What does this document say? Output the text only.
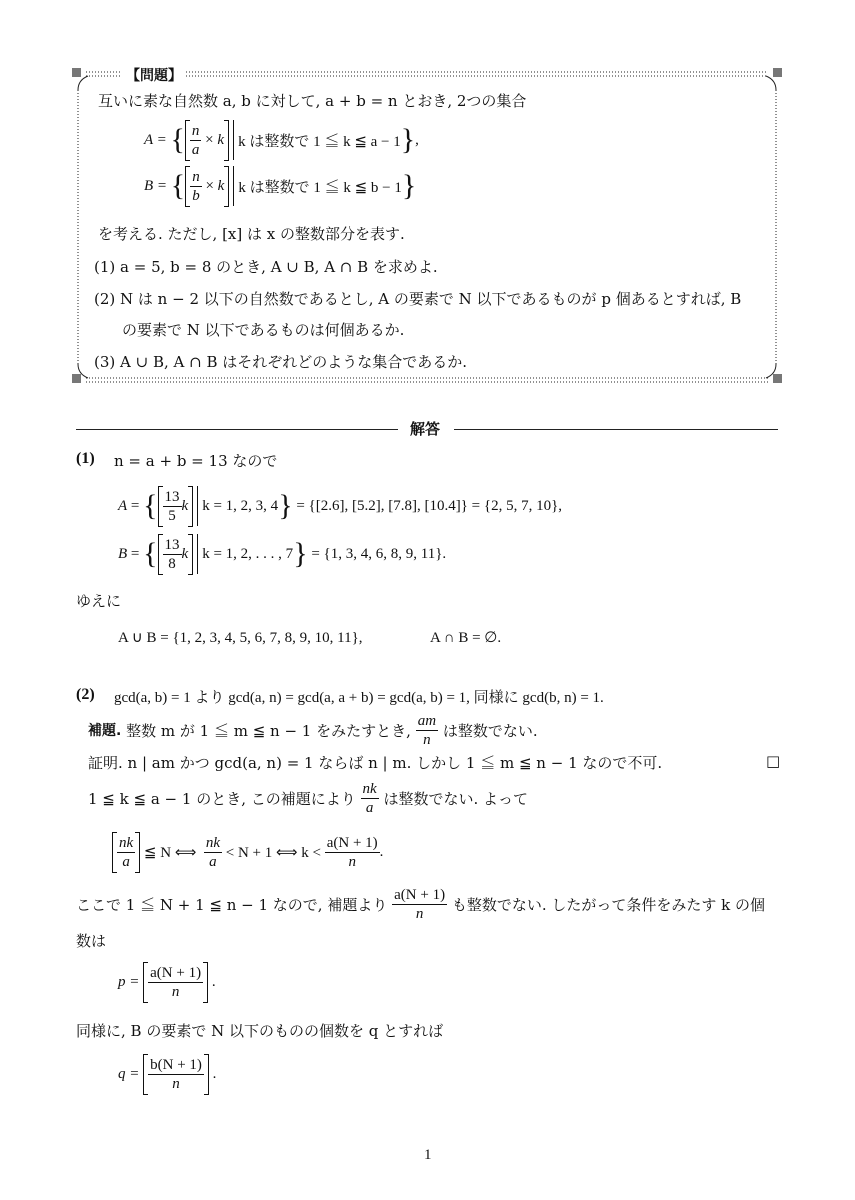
【問題】
互いに素な自然数 a, b に対して, a + b = n とおき, 2つの集合
A =
{ $\frac{n}{a} \times k$ k は整数で 1 ≦ k ≦ a − 1 } ,
B =
{ $\frac{n}{b} \times k$ k は整数で 1 ≦ k ≦ b − 1 }
を考える. ただし, [x] は x の整数部分を表す.
(1) a = 5, b = 8 のとき, A ∪ B, A ∩ B を求めよ.
(2) N は n − 2 以下の自然数であるとし, A の要素で N 以下であるものが p 個あるとすれば, B
の要素で N 以下であるものは何個あるか.
(3) A ∪ B, A ∩ B はそれぞれどのような集合であるか.
解答
(1) n = a + b = 13 なので
A = { $\frac{13}{5}$ k k = 1, 2, 3, 4 }
= {[2.6], [5.2], [7.8], [10.4]} = {2, 5, 7, 10},
B = { $\frac{13}{8}$ k k = 1, 2, . . . , 7 }
= {1, 3, 4, 6, 8, 9, 11}.
ゆえに
A ∪ B = {1, 2, 3, 4, 5, 6, 7, 8, 9, 10, 11},	A ∩ B = ∅.
(2) gcd(a, b) = 1 より gcd(a, n) = gcd(a, a + b) = gcd(a, b) = 1, 同様に gcd(b, n) = 1.
補題.
整数 m が 1 ≦ m ≦ n − 1 をみたすとき,
$\frac{am}{n}$
は整数でない.
証明. n | am かつ gcd(a, n) = 1 ならば n | m. しかし 1 ≦ m ≦ n − 1 なので不可.	□
1 ≦ k ≦ a − 1 のとき, この補題により
$\frac{nk}{a}$
は整数でない. よって
$\frac{nk}{a}$
≦ N ⟺
$\frac{nk}{a}$
< N + 1 ⟺ k <
$\frac{a(N + 1)}{n}$ .
ここで 1 ≦ N + 1 ≦ n − 1 なので, 補題より
$\frac{a(N + 1)}{n}$
も整数でない. したがって条件をみたす k の個
数は
p =
$\frac{a(N + 1)}{n}$ .
同様に, B の要素で N 以下のものの個数を q とすれば
q =
$\frac{b(N + 1)}{n}$ .
1
